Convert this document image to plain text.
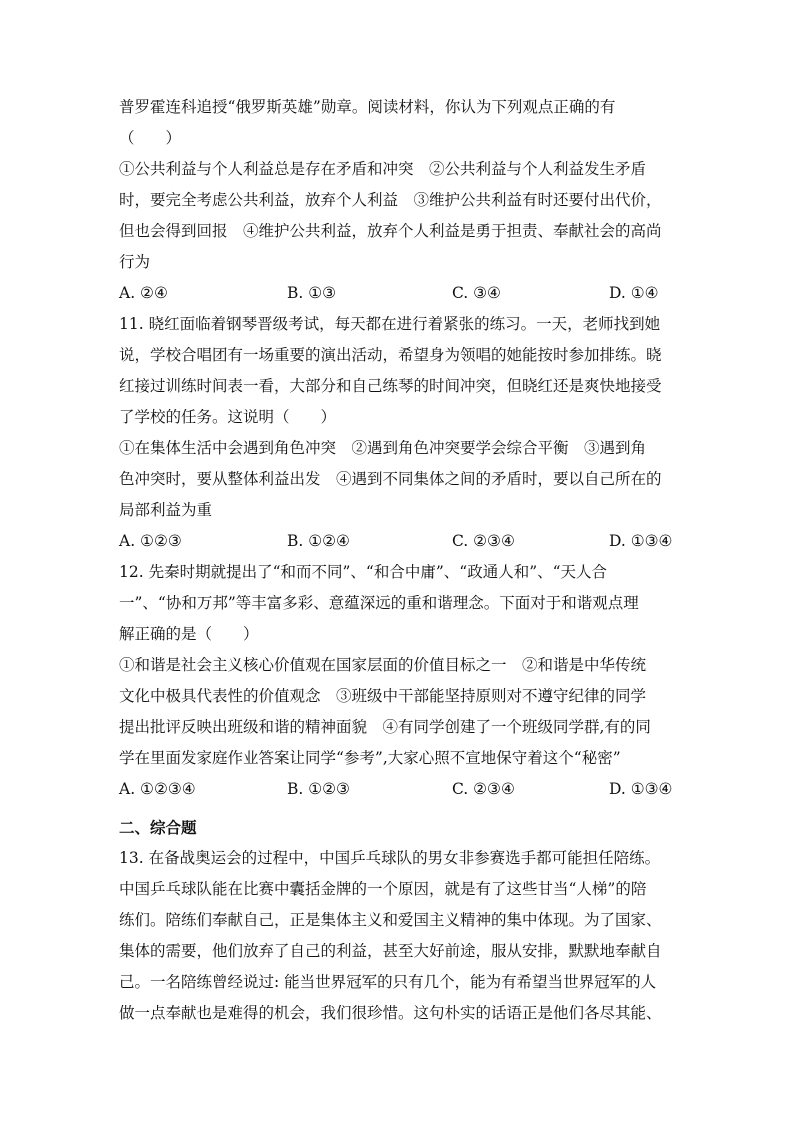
普罗霍连科追授“俄罗斯英雄”勋章。阅读材料，你认为下列观点正确的有
（　　）
①公共利益与个人利益总是存在矛盾和冲突　②公共利益与个人利益发生矛盾
时，要完全考虑公共利益，放弃个人利益　③维护公共利益有时还要付出代价，
但也会得到回报　④维护公共利益，放弃个人利益是勇于担责、奉献社会的高尚
行为
A. ②④	B. ①③	C. ③④	D. ①④
11. 晓红面临着钢琴晋级考试，每天都在进行着紧张的练习。一天，老师找到她
说，学校合唱团有一场重要的演出活动，希望身为领唱的她能按时参加排练。晓
红接过训练时间表一看，大部分和自己练琴的时间冲突，但晓红还是爽快地接受
了学校的任务。这说明（　　）
①在集体生活中会遇到角色冲突　②遇到角色冲突要学会综合平衡　③遇到角
色冲突时，要从整体利益出发　④遇到不同集体之间的矛盾时，要以自己所在的
局部利益为重
A. ①②③	B. ①②④	C. ②③④	D. ①③④
12. 先秦时期就提出了“和而不同”、“和合中庸”、“政通人和”、“天人合
一”、“协和万邦”等丰富多彩、意蕴深远的重和谐理念。下面对于和谐观点理
解正确的是（　　）
①和谐是社会主义核心价值观在国家层面的价值目标之一　②和谐是中华传统
文化中极具代表性的价值观念　③班级中干部能坚持原则对不遵守纪律的同学
提出批评反映出班级和谐的精神面貌　④有同学创建了一个班级同学群,有的同
学在里面发家庭作业答案让同学“参考”,大家心照不宣地保守着这个“秘密”
A. ①②③④	B. ①②③	C. ②③④	D. ①③④
二、综合题
13. 在备战奥运会的过程中，中国乒乓球队的男女非参赛选手都可能担任陪练。
中国乒乓球队能在比赛中囊括金牌的一个原因，就是有了这些甘当“人梯”的陪
练们。陪练们奉献自己，正是集体主义和爱国主义精神的集中体现。为了国家、
集体的需要，他们放弃了自己的利益，甚至大好前途，服从安排，默默地奉献自
己。一名陪练曾经说过: 能当世界冠军的只有几个，能为有希望当世界冠军的人
做一点奉献也是难得的机会，我们很珍惜。这句朴实的话语正是他们各尽其能、
